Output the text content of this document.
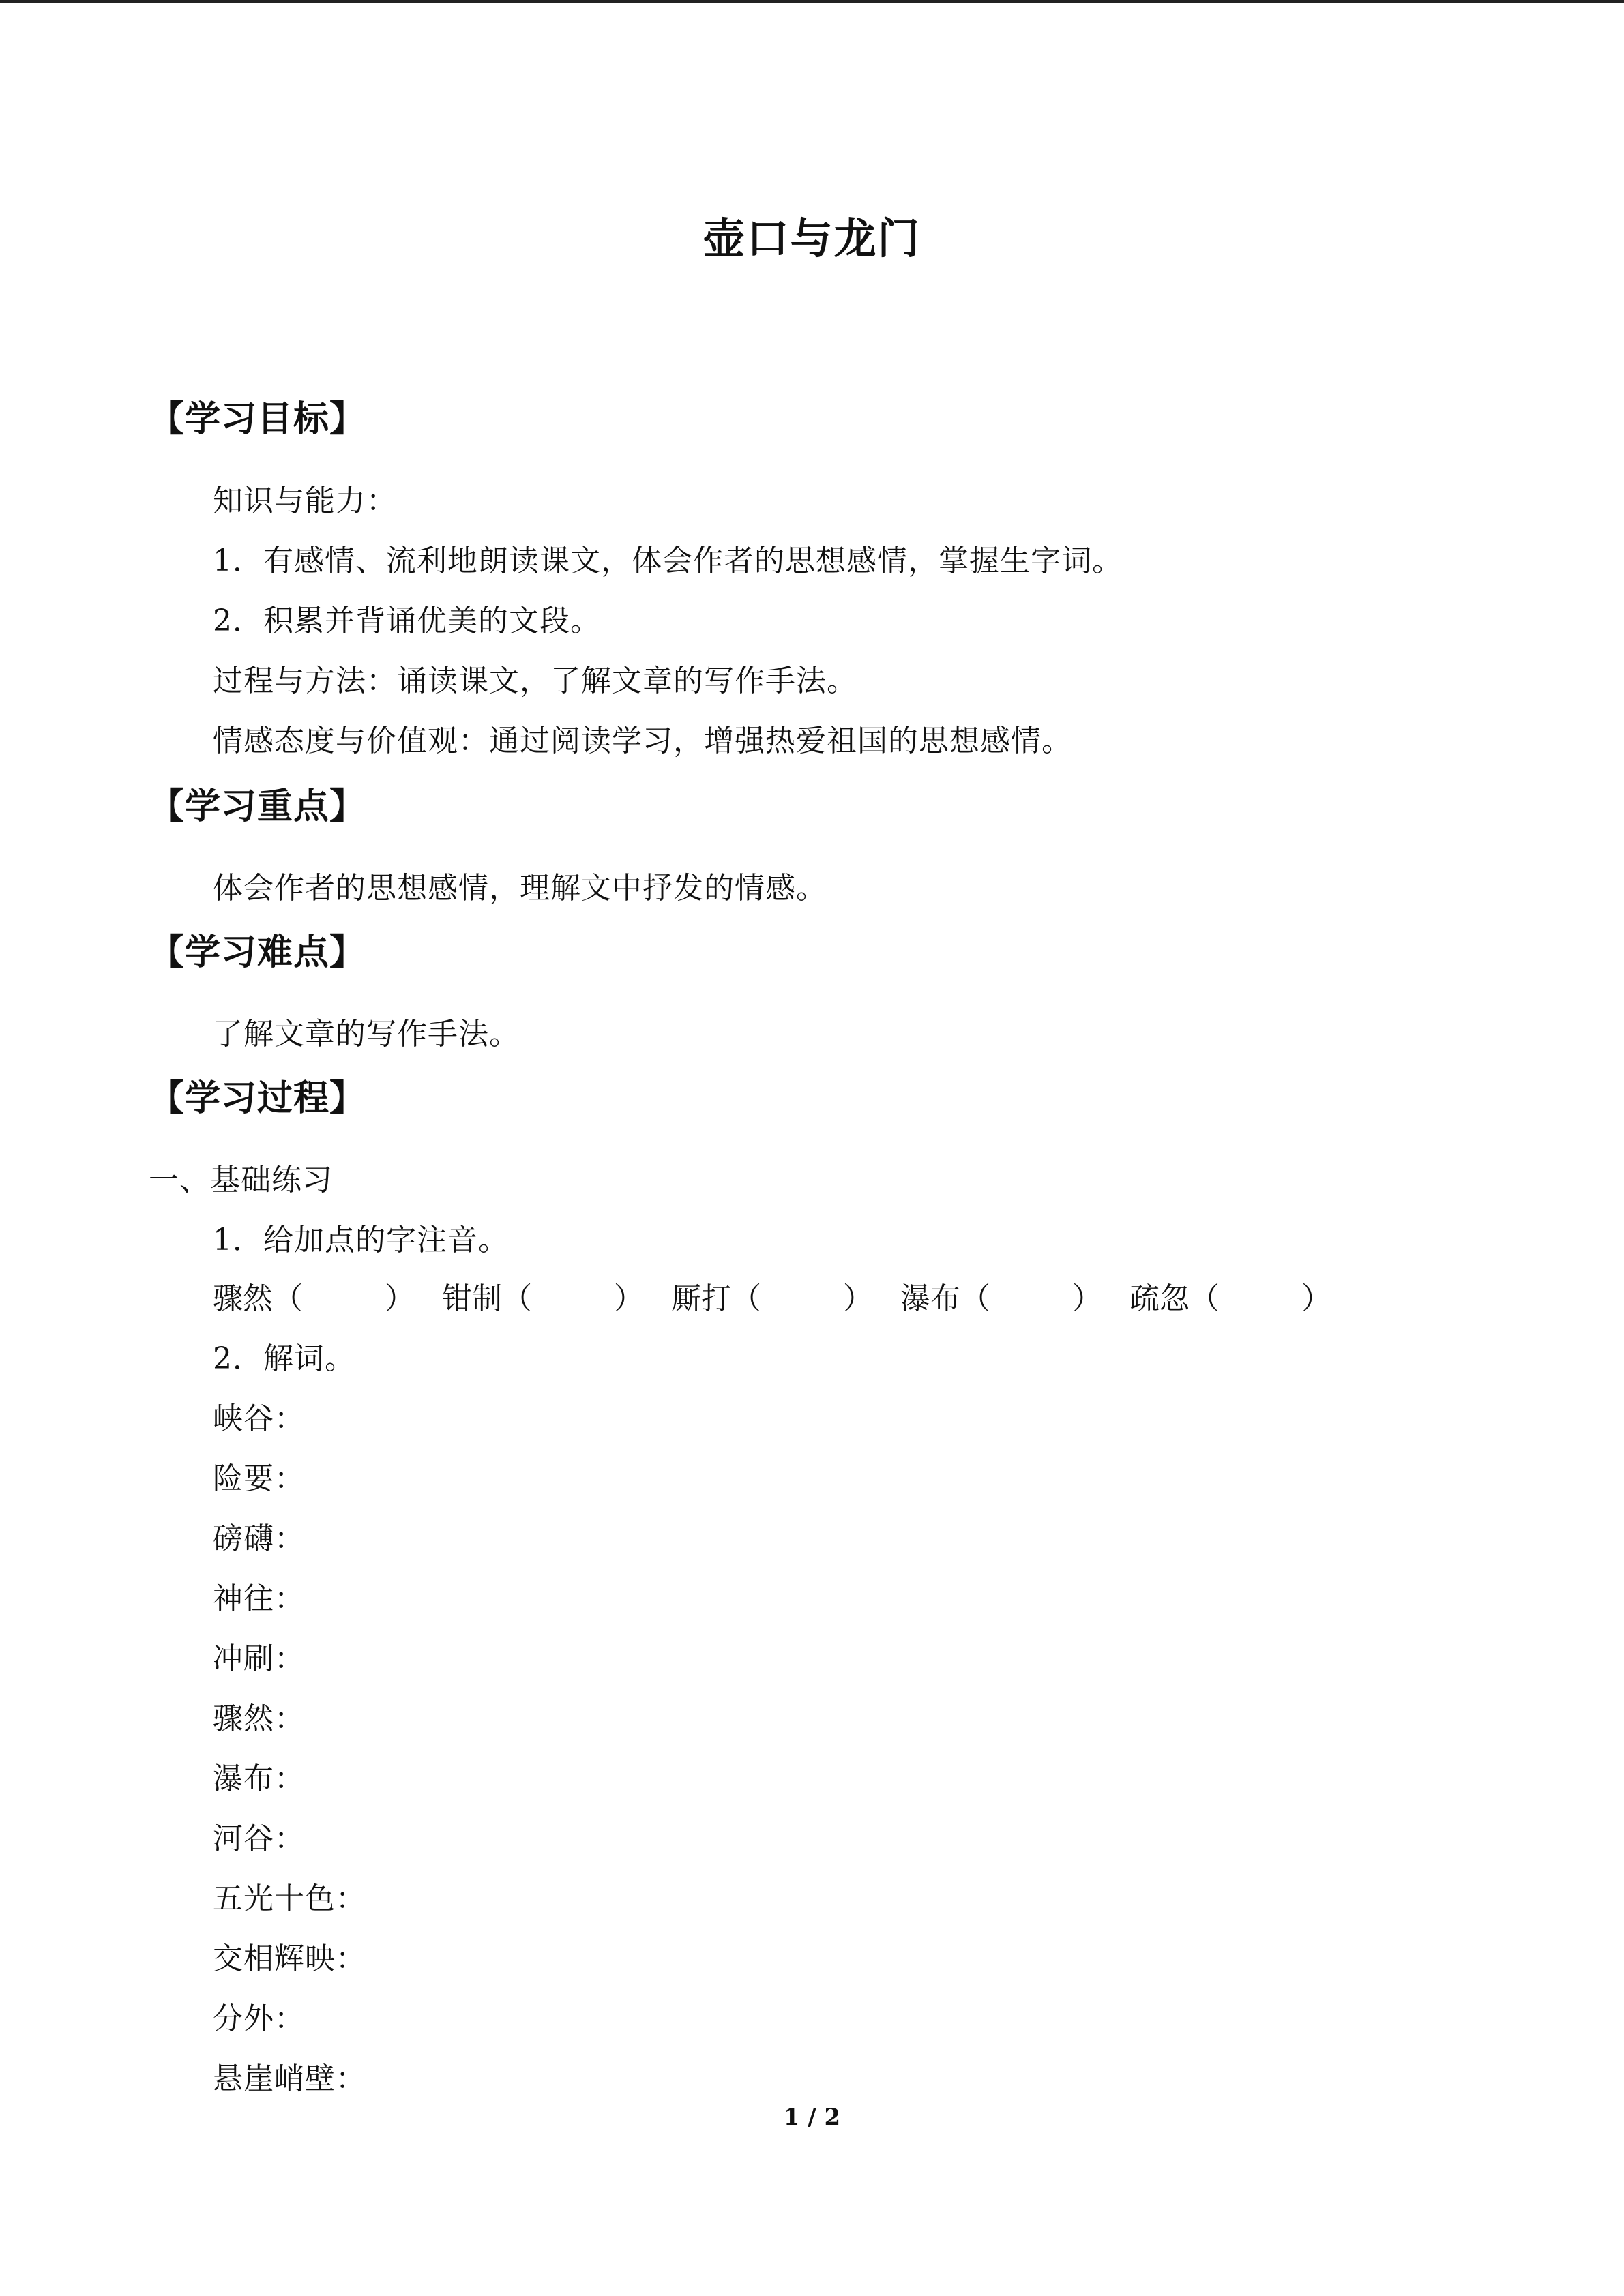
壶口与龙门
【学习目标】
知识与能力：
1．有感情、流利地朗读课文，体会作者的思想感情，掌握生字词。
2．积累并背诵优美的文段。
过程与方法：诵读课文，了解文章的写作手法。
情感态度与价值观：通过阅读学习，增强热爱祖国的思想感情。
【学习重点】
体会作者的思想感情，理解文中抒发的情感。
【学习难点】
了解文章的写作手法。
【学习过程】
一、基础练习
1．给加点的字注音。
骤然（	） 钳制（	） 厮打（	） 瀑布（	） 疏忽（	）
2．解词。
峡谷：
险要：
磅礴：
神往：
冲刷：
骤然：
瀑布：
河谷：
五光十色：
交相辉映：
分外：
悬崖峭壁：
1 / 2
